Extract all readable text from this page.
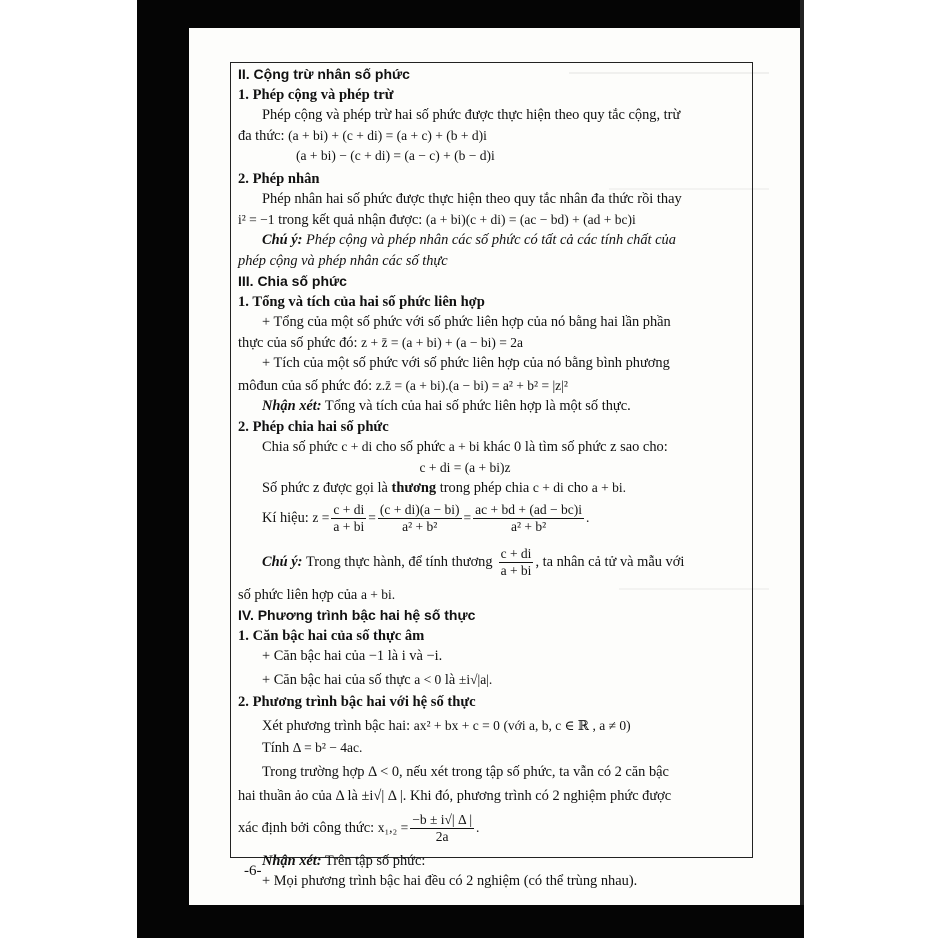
II. Cộng trừ nhân số phức
1. Phép cộng và phép trừ
Phép cộng và phép trừ hai số phức được thực hiện theo quy tắc cộng, trừ
đa thức: (a + bi) + (c + di) = (a + c) + (b + d)i
(a + bi) − (c + di) = (a − c) + (b − d)i
2. Phép nhân
Phép nhân hai số phức được thực hiện theo quy tắc nhân đa thức rồi thay
i² = −1 trong kết quả nhận được: (a + bi)(c + di) = (ac − bd) + (ad + bc)i
Chú ý: Phép cộng và phép nhân các số phức có tất cả các tính chất của
phép cộng và phép nhân các số thực
III. Chia số phức
1. Tổng và tích của hai số phức liên hợp
+ Tổng của một số phức với số phức liên hợp của nó bằng hai lần phần
thực của số phức đó: z + z̄ = (a + bi) + (a − bi) = 2a
+ Tích của một số phức với số phức liên hợp của nó bằng bình phương
môđun của số phức đó: z.z̄ = (a + bi).(a − bi) = a² + b² = |z|²
Nhận xét: Tổng và tích của hai số phức liên hợp là một số thực.
2. Phép chia hai số phức
Chia số phức c + di cho số phức a + bi khác 0 là tìm số phức z sao cho:
c + di = (a + bi)z
Số phức z được gọi là thương trong phép chia c + di cho a + bi.
Kí hiệu:
$z = \frac{c + di}{a + bi} = \frac{(c + di)(a - bi)}{\text{a² + b²}} = \frac{ac + bd + (ad - bc)i}{\text{a² + b²}}$ .
Chú ý:
Trong thực hành, để tính thương $\frac{c + di}{a + bi}$ , ta nhân cả tử và mẫu với
số phức liên hợp của a + bi.
IV. Phương trình bậc hai hệ số thực
1. Căn bậc hai của số thực âm
+ Căn bậc hai của −1 là i và −i.
+ Căn bậc hai của số thực a < 0 là ±i√|a|.
2. Phương trình bậc hai với hệ số thực
Xét phương trình bậc hai: ax² + bx + c = 0 (với a, b, c ∈ ℝ , a ≠ 0)
Tính Δ = b² − 4ac.
Trong trường hợp Δ < 0, nếu xét trong tập số phức, ta vẫn có 2 căn bậc
hai thuần ảo của Δ là ±i√| Δ |. Khi đó, phương trình có 2 nghiệm phức được
xác định bởi công thức:
$x_1,_2 = \frac{-b \pm i√| \Delta |}{2a}$ .
Nhận xét: Trên tập số phức:
+ Mọi phương trình bậc hai đều có 2 nghiệm (có thể trùng nhau).
-6-
